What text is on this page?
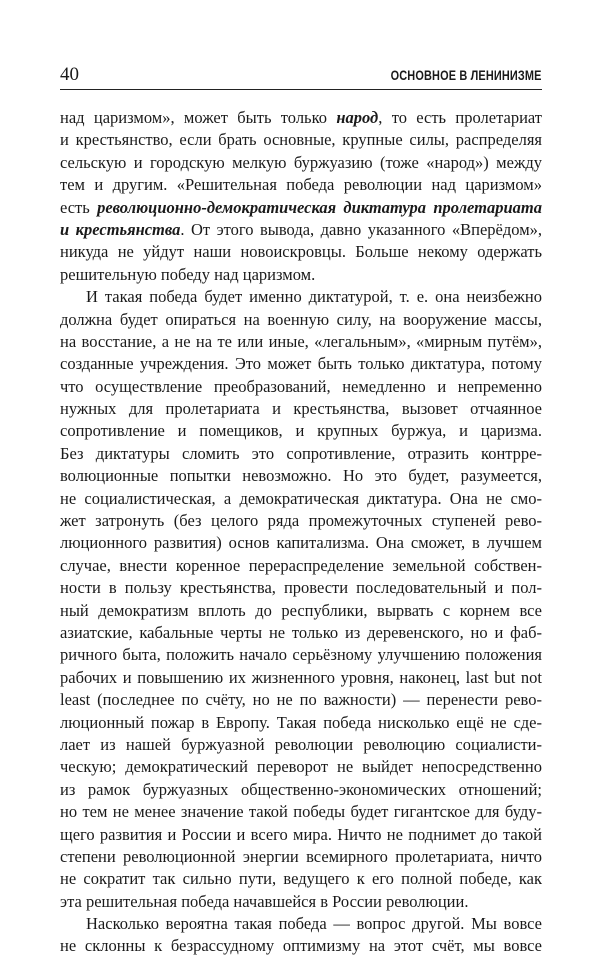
40	ОСНОВНОЕ В ЛЕНИНИЗМЕ
над царизмом», может быть только народ, то есть пролетариат
и крестьянство, если брать основные, крупные силы, распределяя
сельскую и городскую мелкую буржуазию (тоже «народ») между
тем и другим. «Решительная победа революции над царизмом»
есть революционно-демократическая диктатура пролетариата
и крестьянства. От этого вывода, давно указанного «Вперёдом»,
никуда не уйдут наши новоискровцы. Больше некому одержать
решительную победу над царизмом.
И такая победа будет именно диктатурой, т. е. она неизбежно
должна будет опираться на военную силу, на вооружение массы,
на восстание, а не на те или иные, «легальным», «мирным путём»,
созданные учреждения. Это может быть только диктатура, потому
что осуществление преобразований, немедленно и непременно
нужных для пролетариата и крестьянства, вызовет отчаянное
сопротивление и помещиков, и крупных буржуа, и царизма.
Без диктатуры сломить это сопротивление, отразить контрре-
волюционные попытки невозможно. Но это будет, разумеется,
не социалистическая, а демократическая диктатура. Она не смо-
жет затронуть (без целого ряда промежуточных ступеней рево-
люционного развития) основ капитализма. Она сможет, в лучшем
случае, внести коренное перераспределение земельной собствен-
ности в пользу крестьянства, провести последовательный и пол-
ный демократизм вплоть до республики, вырвать с корнем все
азиатские, кабальные черты не только из деревенского, но и фаб-
ричного быта, положить начало серьёзному улучшению положения
рабочих и повышению их жизненного уровня, наконец, last but not
least (последнее по счёту, но не по важности) — перенести рево-
люционный пожар в Европу. Такая победа нисколько ещё не сде-
лает из нашей буржуазной революции революцию социалисти-
ческую; демократический переворот не выйдет непосредственно
из рамок буржуазных общественно-экономических отношений;
но тем не менее значение такой победы будет гигантское для буду-
щего развития и России и всего мира. Ничто не поднимет до такой
степени революционной энергии всемирного пролетариата, ничто
не сократит так сильно пути, ведущего к его полной победе, как
эта решительная победа начавшейся в России революции.
Насколько вероятна такая победа — вопрос другой. Мы вовсе
не склонны к безрассудному оптимизму на этот счёт, мы вовсе
